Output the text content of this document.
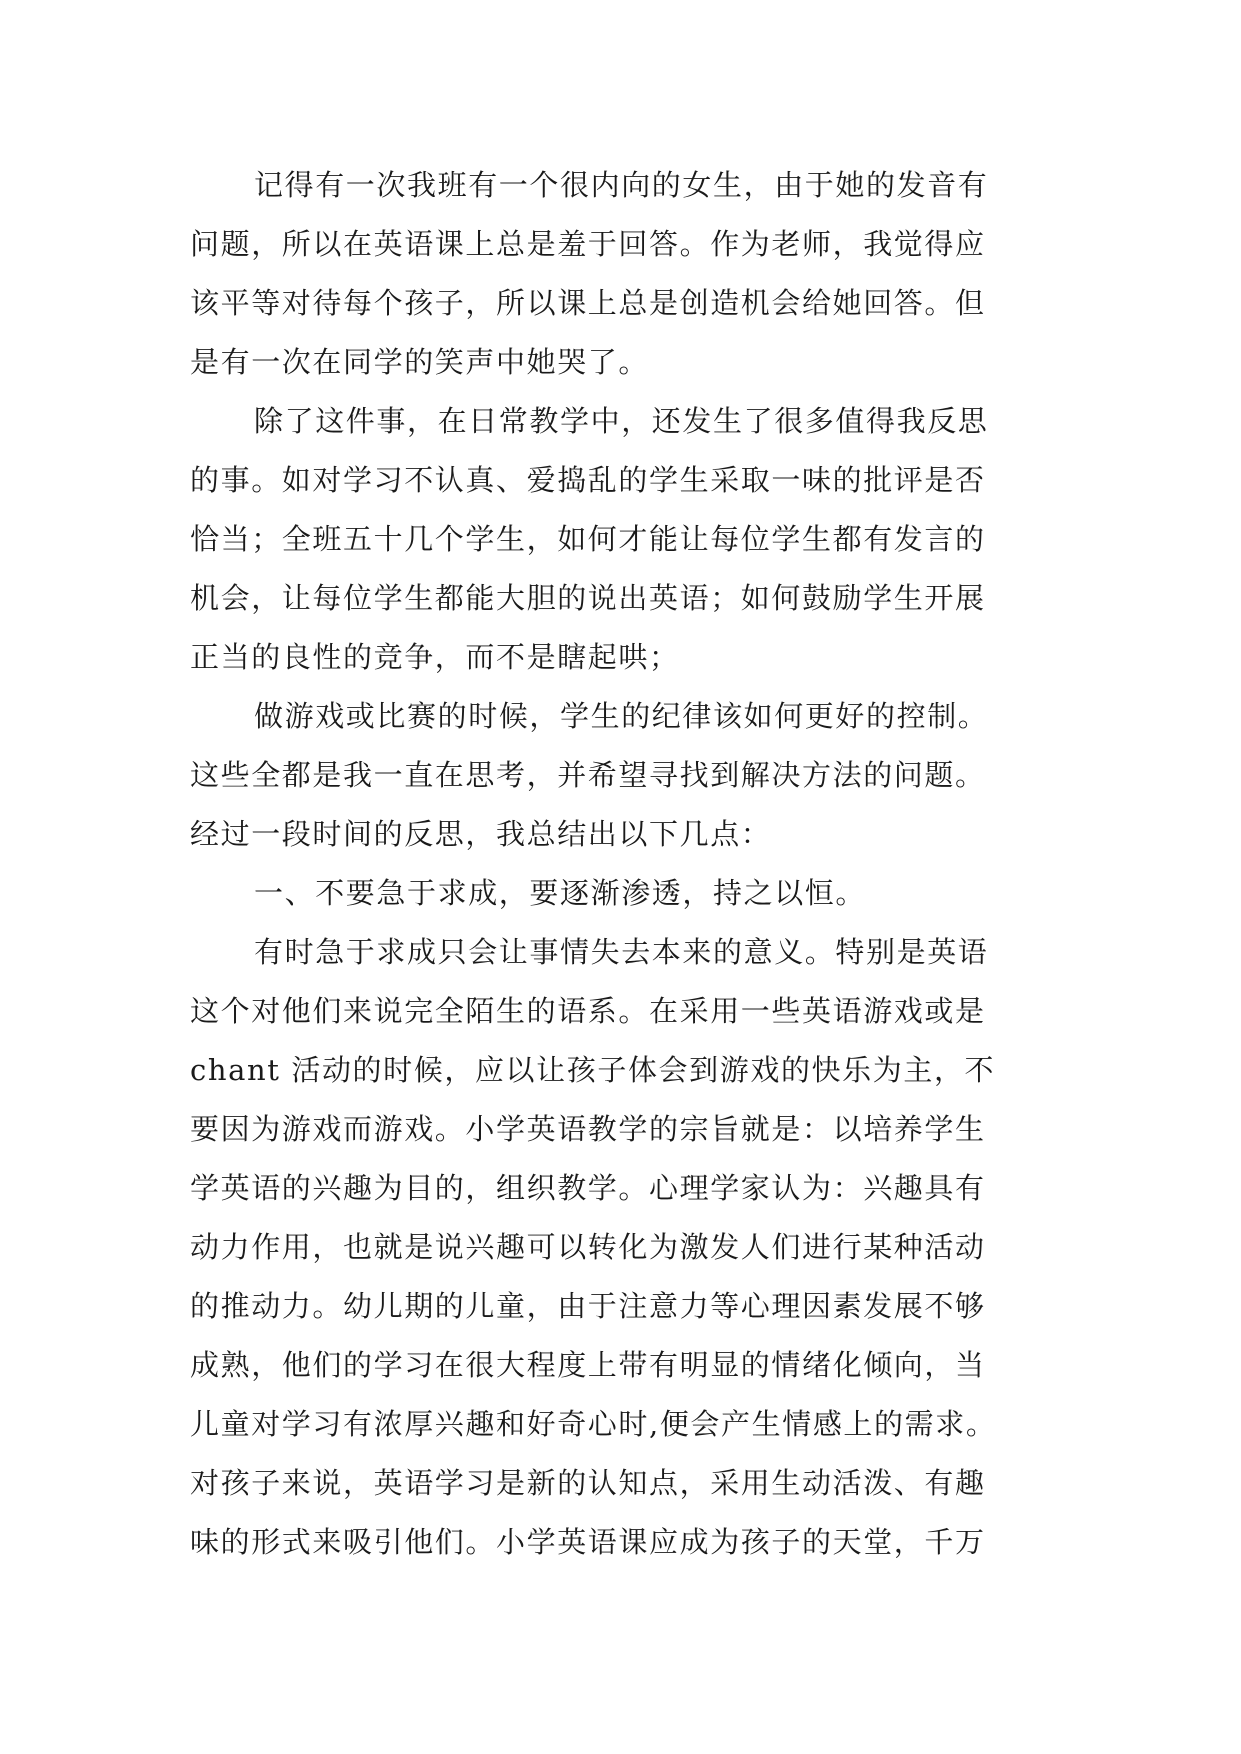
记得有一次我班有一个很内向的女生，由于她的发音有
问题，所以在英语课上总是羞于回答。作为老师，我觉得应
该平等对待每个孩子，所以课上总是创造机会给她回答。但
是有一次在同学的笑声中她哭了。
除了这件事，在日常教学中，还发生了很多值得我反思
的事。如对学习不认真、爱捣乱的学生采取一味的批评是否
恰当；全班五十几个学生，如何才能让每位学生都有发言的
机会，让每位学生都能大胆的说出英语；如何鼓励学生开展
正当的良性的竞争，而不是瞎起哄；
做游戏或比赛的时候，学生的纪律该如何更好的控制。
这些全都是我一直在思考，并希望寻找到解决方法的问题。
经过一段时间的反思，我总结出以下几点：
一、不要急于求成，要逐渐渗透，持之以恒。
有时急于求成只会让事情失去本来的意义。特别是英语
这个对他们来说完全陌生的语系。在采用一些英语游戏或是
chant 活动的时候，应以让孩子体会到游戏的快乐为主，不
要因为游戏而游戏。小学英语教学的宗旨就是：以培养学生
学英语的兴趣为目的，组织教学。心理学家认为：兴趣具有
动力作用，也就是说兴趣可以转化为激发人们进行某种活动
的推动力。幼儿期的儿童，由于注意力等心理因素发展不够
成熟，他们的学习在很大程度上带有明显的情绪化倾向，当
儿童对学习有浓厚兴趣和好奇心时,便会产生情感上的需求。
对孩子来说，英语学习是新的认知点，采用生动活泼、有趣
味的形式来吸引他们。小学英语课应成为孩子的天堂，千万
